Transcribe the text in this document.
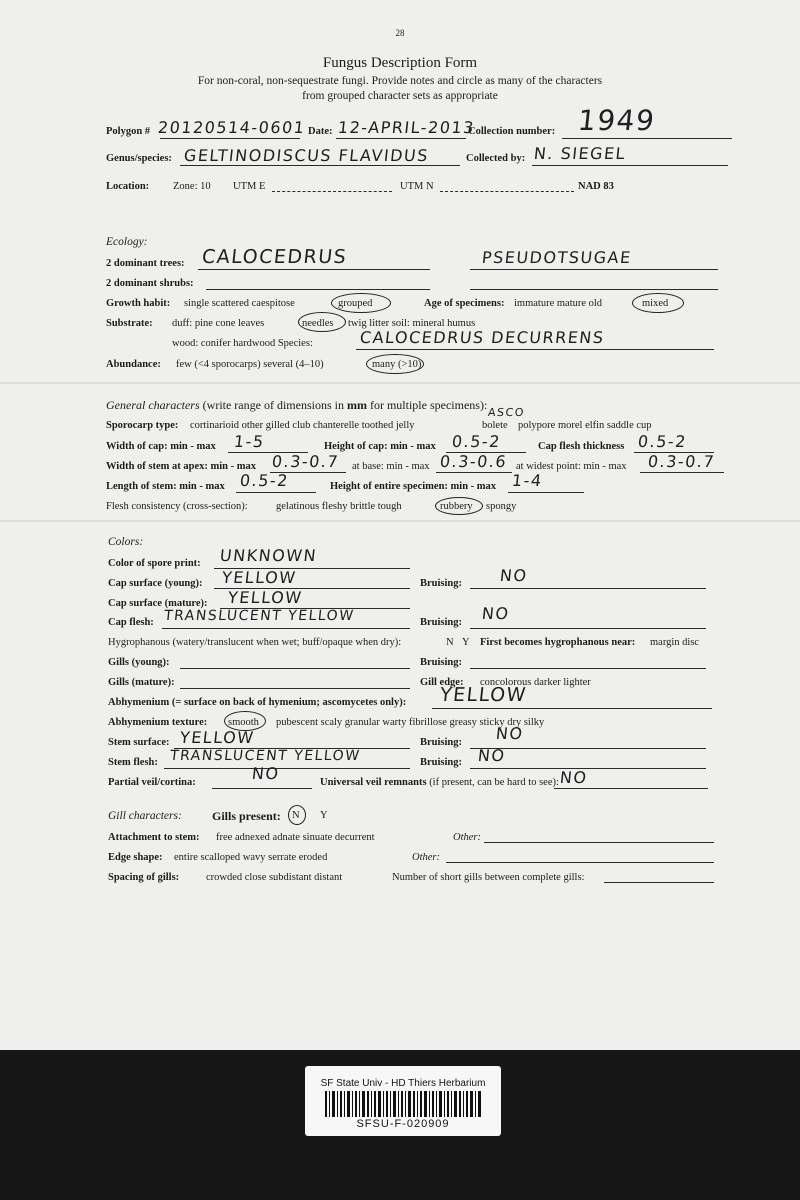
28
Fungus Description Form
For non-coral, non-sequestrate fungi. Provide notes and circle as many of the characters
from grouped character sets as appropriate
Polygon # 20120514-0601 Date: 12-APRIL-2013
Collection number: 1949
Genus/species: GELTINODISCUS FLAVIDUS	Collected by: N. SIEGEL
Location: Zone: 10 UTM E	UTM N	NAD 83
Ecology:
2 dominant trees: CALOCEDRUS	PSEUDOTSUGAE
2 dominant shrubs:
Growth habit: single scattered caespitose	grouped	Age of specimens: immature mature old	mixed
Substrate: duff: pine cone leaves	needles twig litter soil: mineral humus
wood: conifer hardwood Species:	CALOCEDRUS DECURRENS
Abundance: few (<4 sporocarps) several (4–10)	many (>10)
General characters (write range of dimensions in mm for multiple specimens):
Sporocarp type: cortinarioid other gilled club chanterelle toothed jelly	bolete
ASCO
polypore morel elfin saddle cup
Width of cap: min - max 1-5	Height of cap: min - max 0.5-2	Cap flesh thickness 0.5-2
Width of stem at apex: min - max 0.3-0.7 at base: min - max 0.3-0.6 at widest point: min - max 0.3-0.7
Length of stem: min - max 0.5-2	Height of entire specimen: min - max 1-4
Flesh consistency (cross-section):	gelatinous fleshy brittle tough	rubbery spongy
Colors:
Color of spore print: UNKNOWN
Cap surface (young): YELLOW	Bruising: NO
Cap surface (mature): YELLOW
Cap flesh: TRANSLUCENT YELLOW	Bruising: NO
Hygrophanous (watery/translucent when wet; buff/opaque when dry):	N Y First becomes hygrophanous near: margin disc
Gills (young):	Bruising:
Gills (mature):	Gill edge: concolorous darker lighter
Abhymenium (= surface on back of hymenium; ascomycetes only): YELLOW
Abhymenium texture: smooth pubescent scaly granular warty fibrillose greasy sticky dry silky
Stem surface: YELLOW	Bruising: NO
Stem flesh: TRANSLUCENT YELLOW	Bruising: NO
Partial veil/cortina:	NO	Universal veil remnants (if present, can be hard to see): NO
Gill characters:	Gills present: N Y
Attachment to stem: free adnexed adnate sinuate decurrent	Other:
Edge shape: entire scalloped wavy serrate eroded	Other:
Spacing of gills:	crowded close subdistant distant	Number of short gills between complete gills:
SF State Univ - HD Thiers Herbarium
SFSU-F-020909
